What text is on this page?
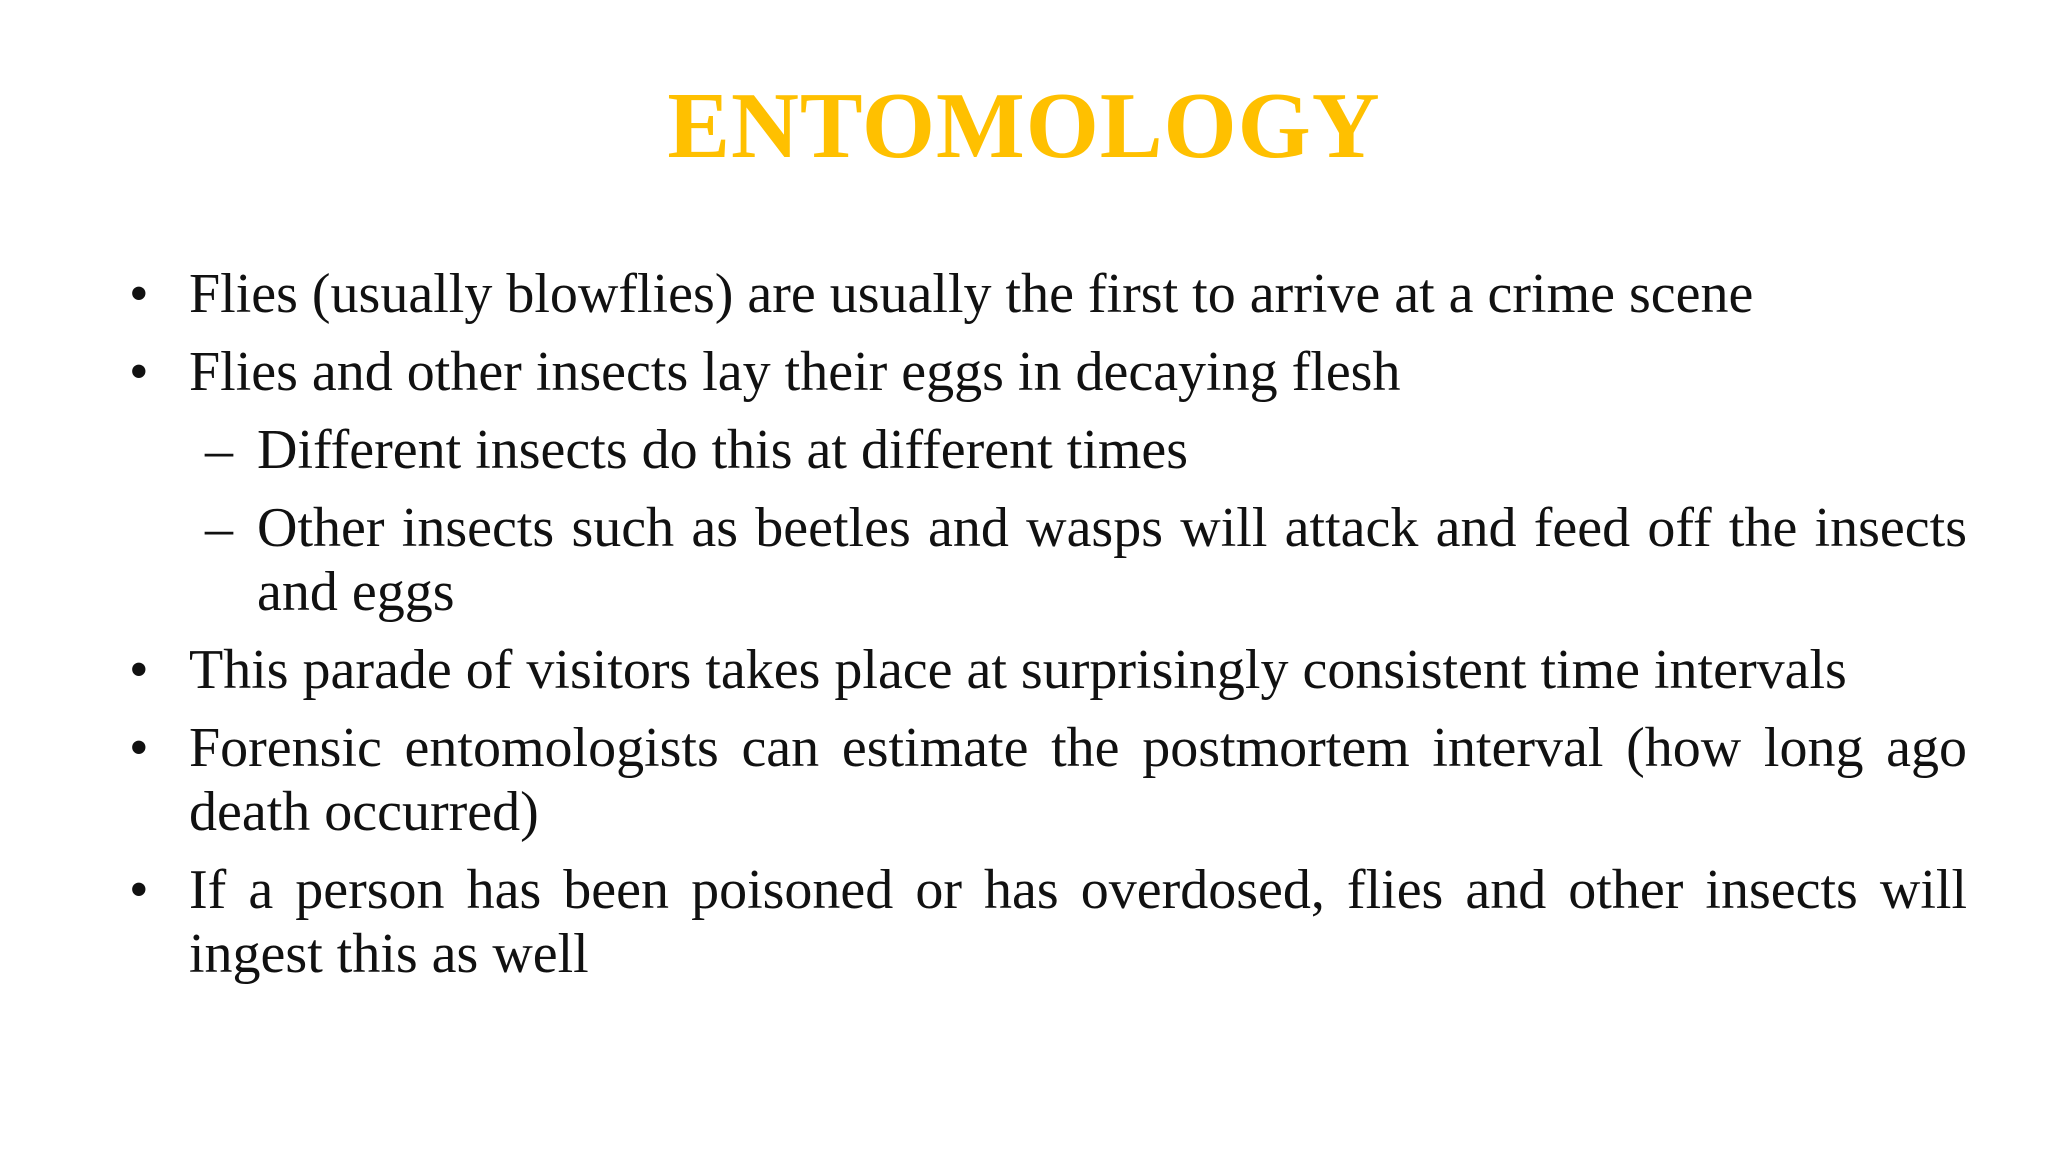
ENTOMOLOGY
• Flies (usually blowflies) are usually the first to arrive at a crime scene
• Flies and other insects lay their eggs in decaying flesh
– Different insects do this at different times
– Other insects such as beetles and wasps will attack and feed off the insects and eggs
• This parade of visitors takes place at surprisingly consistent time intervals
• Forensic entomologists can estimate the postmortem interval (how long ago death occurred)
• If a person has been poisoned or has overdosed, flies and other insects will ingest this as well
